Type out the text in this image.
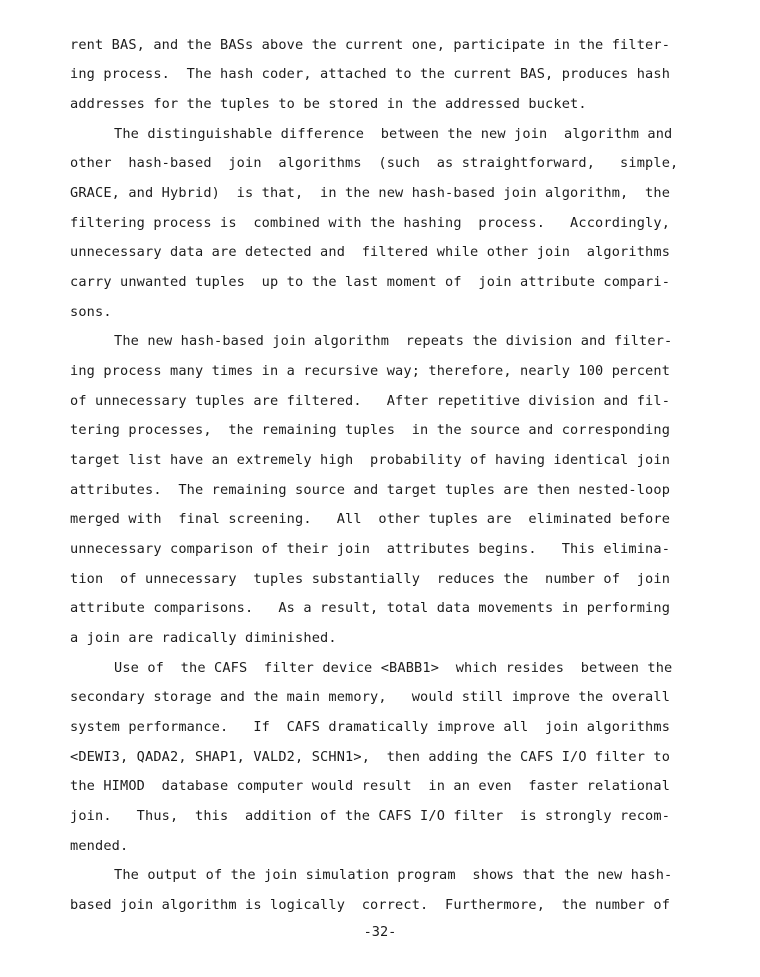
rent BAS, and the BASs above the current one, participate in the filter-
ing process.  The hash coder, attached to the current BAS, produces hash
addresses for the tuples to be stored in the addressed bucket.
The distinguishable difference  between the new join  algorithm and
other  hash-based  join  algorithms  (such  as straightforward,   simple,
GRACE, and Hybrid)  is that,  in the new hash-based join algorithm,  the
filtering process is  combined with the hashing  process.   Accordingly,
unnecessary data are detected and  filtered while other join  algorithms
carry unwanted tuples  up to the last moment of  join attribute compari-
sons.
The new hash-based join algorithm  repeats the division and filter-
ing process many times in a recursive way; therefore, nearly 100 percent
of unnecessary tuples are filtered.   After repetitive division and fil-
tering processes,  the remaining tuples  in the source and corresponding
target list have an extremely high  probability of having identical join
attributes.  The remaining source and target tuples are then nested-loop
merged with  final screening.   All  other tuples are  eliminated before
unnecessary comparison of their join  attributes begins.   This elimina-
tion  of unnecessary  tuples substantially  reduces the  number of  join
attribute comparisons.   As a result, total data movements in performing
a join are radically diminished.
Use of  the CAFS  filter device <BABB1>  which resides  between the
secondary storage and the main memory,   would still improve the overall
system performance.   If  CAFS dramatically improve all  join algorithms
<DEWI3, QADA2, SHAP1, VALD2, SCHN1>,  then adding the CAFS I/O filter to
the HIMOD  database computer would result  in an even  faster relational
join.   Thus,  this  addition of the CAFS I/O filter  is strongly recom-
mended.
The output of the join simulation program  shows that the new hash-
based join algorithm is logically  correct.  Furthermore,  the number of
-32-
